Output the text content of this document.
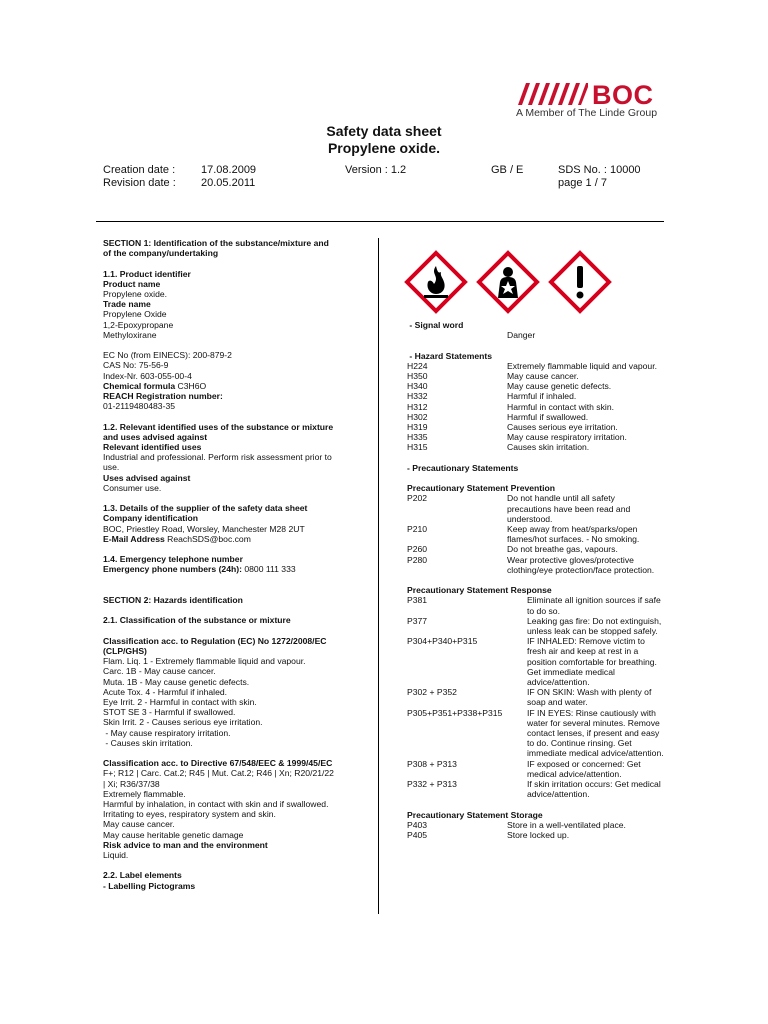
BOC
A Member of The Linde Group
Safety data sheet
Propylene oxide.
Creation date : 17.08.2009	Version : 1.2	GB / E	SDS No. : 10000
Revision date : 20.05.2011	page 1 / 7
SECTION 1: Identification of the substance/mixture and
of the company/undertaking
1.1. Product identifier
Product name
Propylene oxide.
Trade name
Propylene Oxide
1,2-Epoxypropane
Methyloxirane
EC No (from EINECS): 200-879-2
CAS No: 75-56-9
Index-Nr. 603-055-00-4
Chemical formula C3H6O
REACH Registration number:
01-2119480483-35
1.2. Relevant identified uses of the substance or mixture
and uses advised against
Relevant identified uses
Industrial and professional. Perform risk assessment prior to
use.
Uses advised against
Consumer use.
1.3. Details of the supplier of the safety data sheet
Company identification
BOC, Priestley Road, Worsley, Manchester M28 2UT
E-Mail Address ReachSDS@boc.com
1.4. Emergency telephone number
Emergency phone numbers (24h): 0800 111 333
SECTION 2: Hazards identification
2.1. Classification of the substance or mixture
Classification acc. to Regulation (EC) No 1272/2008/EC
(CLP/GHS)
Flam. Liq. 1 - Extremely flammable liquid and vapour.
Carc. 1B - May cause cancer.
Muta. 1B - May cause genetic defects.
Acute Tox. 4 - Harmful if inhaled.
Eye Irrit. 2 - Harmful in contact with skin.
STOT SE 3 - Harmful if swallowed.
Skin Irrit. 2 - Causes serious eye irritation.
- May cause respiratory irritation.
- Causes skin irritation.
Classification acc. to Directive 67/548/EEC & 1999/45/EC
F+; R12 | Carc. Cat.2; R45 | Mut. Cat.2; R46 | Xn; R20/21/22
| Xi; R36/37/38
Extremely flammable.
Harmful by inhalation, in contact with skin and if swallowed.
Irritating to eyes, respiratory system and skin.
May cause cancer.
May cause heritable genetic damage
Risk advice to man and the environment
Liquid.
2.2. Label elements
- Labelling Pictograms
- Signal word
Danger
- Hazard Statements
H224	Extremely flammable liquid and vapour.
H350	May cause cancer.
H340	May cause genetic defects.
H332	Harmful if inhaled.
H312	Harmful in contact with skin.
H302	Harmful if swallowed.
H319	Causes serious eye irritation.
H335	May cause respiratory irritation.
H315	Causes skin irritation.
- Precautionary Statements
Precautionary Statement Prevention
P202	Do not handle until all safety precautions have been read and understood.
P210	Keep away from heat/sparks/open flames/hot surfaces. - No smoking.
P260	Do not breathe gas, vapours.
P280	Wear protective gloves/protective clothing/eye protection/face protection.
Precautionary Statement Response
P381	Eliminate all ignition sources if safe to do so.
P377	Leaking gas fire: Do not extinguish, unless leak can be stopped safely.
P304+P340+P315	IF INHALED: Remove victim to fresh air and keep at rest in a position comfortable for breathing. Get immediate medical advice/attention.
P302 + P352	IF ON SKIN: Wash with plenty of soap and water.
P305+P351+P338+P315	IF IN EYES: Rinse cautiously with water for several minutes. Remove contact lenses, if present and easy to do. Continue rinsing. Get immediate medical advice/attention.
P308 + P313	IF exposed or concerned: Get medical advice/attention.
P332 + P313	If skin irritation occurs: Get medical advice/attention.
Precautionary Statement Storage
P403	Store in a well-ventilated place.
P405	Store locked up.
